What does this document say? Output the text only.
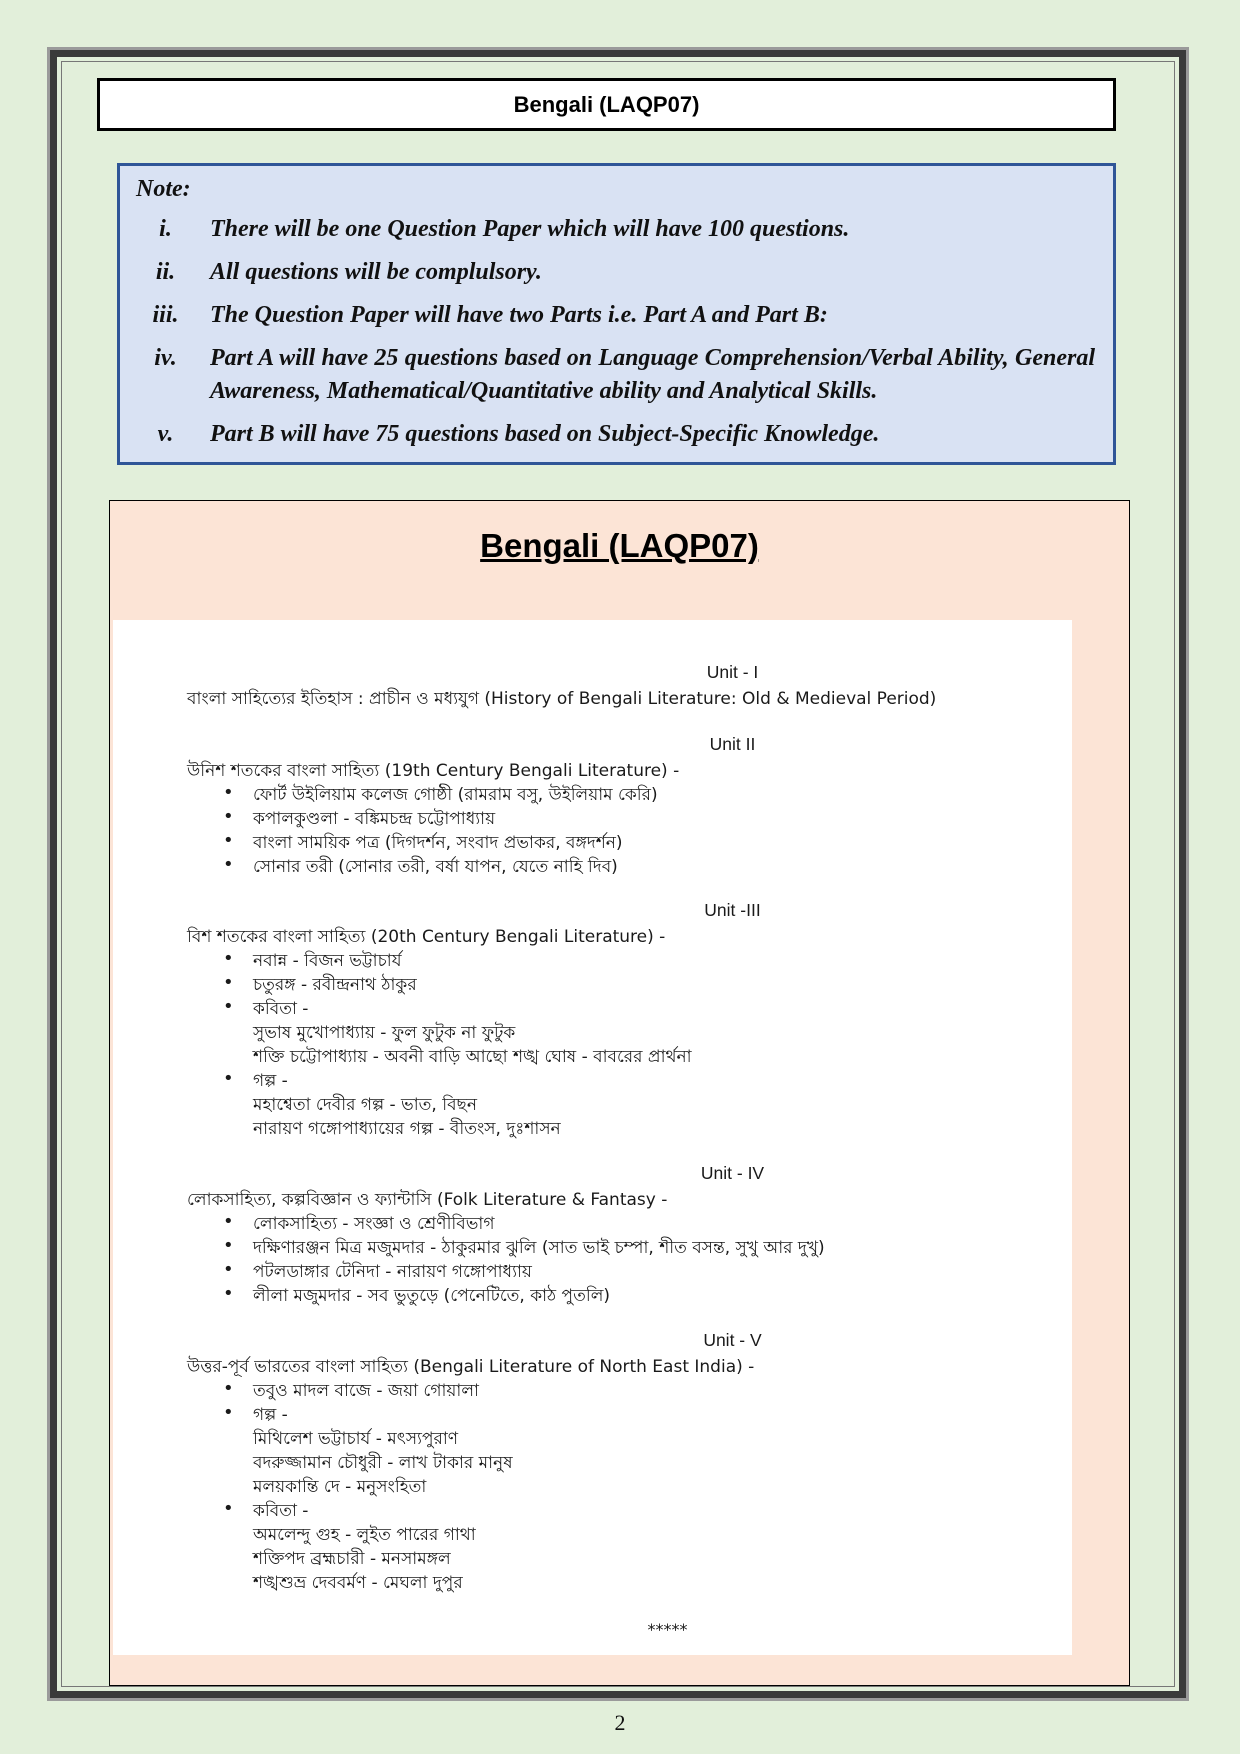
Bengali (LAQP07)
Note:
i.	There will be one Question Paper which will have 100 questions.
ii.	All questions will be complulsory.
iii.	The Question Paper will have two Parts i.e. Part A and Part B:
iv.	Part A will have 25 questions based on Language Comprehension/Verbal Ability, General Awareness, Mathematical/Quantitative ability and Analytical Skills.
v.	Part B will have 75 questions based on Subject-Specific Knowledge.
Bengali (LAQP07)
Unit - I
বাংলা সাহিত্যের ইতিহাস : প্রাচীন ও মধ্যযুগ (History of Bengali Literature: Old & Medieval Period)
Unit II
উনিশ শতকের বাংলা সাহিত্য (19th Century Bengali Literature) -
• ফোর্ট উইলিয়াম কলেজ গোষ্ঠী (রামরাম বসু, উইলিয়াম কেরি)
• কপালকুণ্ডলা - বঙ্কিমচন্দ্র চট্টোপাধ্যায়
• বাংলা সাময়িক পত্র (দিগদর্শন, সংবাদ প্রভাকর, বঙ্গদর্শন)
• সোনার তরী (সোনার তরী, বর্ষা যাপন, যেতে নাহি দিব)
Unit -III
বিশ শতকের বাংলা সাহিত্য (20th Century Bengali Literature) -
• নবান্ন - বিজন ভট্টাচার্য
• চতুরঙ্গ - রবীন্দ্রনাথ ঠাকুর
• কবিতা -
সুভাষ মুখোপাধ্যায় - ফুল ফুটুক না ফুটুক
শক্তি চট্টোপাধ্যায় - অবনী বাড়ি আছো শঙ্খ ঘোষ - বাবরের প্রার্থনা
• গল্প -
মহাশ্বেতা দেবীর গল্প - ভাত, বিছন
নারায়ণ গঙ্গোপাধ্যায়ের গল্প - বীতংস, দুঃশাসন
Unit - IV
লোকসাহিত্য, কল্পবিজ্ঞান ও ফ্যান্টাসি (Folk Literature & Fantasy -
• লোকসাহিত্য - সংজ্ঞা ও শ্রেণীবিভাগ
• দক্ষিণারঞ্জন মিত্র মজুমদার - ঠাকুরমার ঝুলি (সাত ভাই চম্পা, শীত বসন্ত, সুখু আর দুখু)
• পটলডাঙ্গার টেনিদা - নারায়ণ গঙ্গোপাধ্যায়
• লীলা মজুমদার - সব ভুতুড়ে (পেনেটিতে, কাঠ পুতলি)
Unit - V
উত্তর-পূর্ব ভারতের বাংলা সাহিত্য (Bengali Literature of North East India) -
• তবুও মাদল বাজে - জয়া গোয়ালা
• গল্প -
মিথিলেশ ভট্টাচার্য - মৎস্যপুরাণ
বদরুজ্জামান চৌধুরী - লাখ টাকার মানুষ
মলয়কান্তি দে - মনুসংহিতা
• কবিতা -
অমলেন্দু গুহ - লুইত পারের গাথা
শক্তিপদ ব্রহ্মচারী - মনসামঙ্গল
শঙ্খশুভ্র দেববর্মণ - মেঘলা দুপুর
*****
2
